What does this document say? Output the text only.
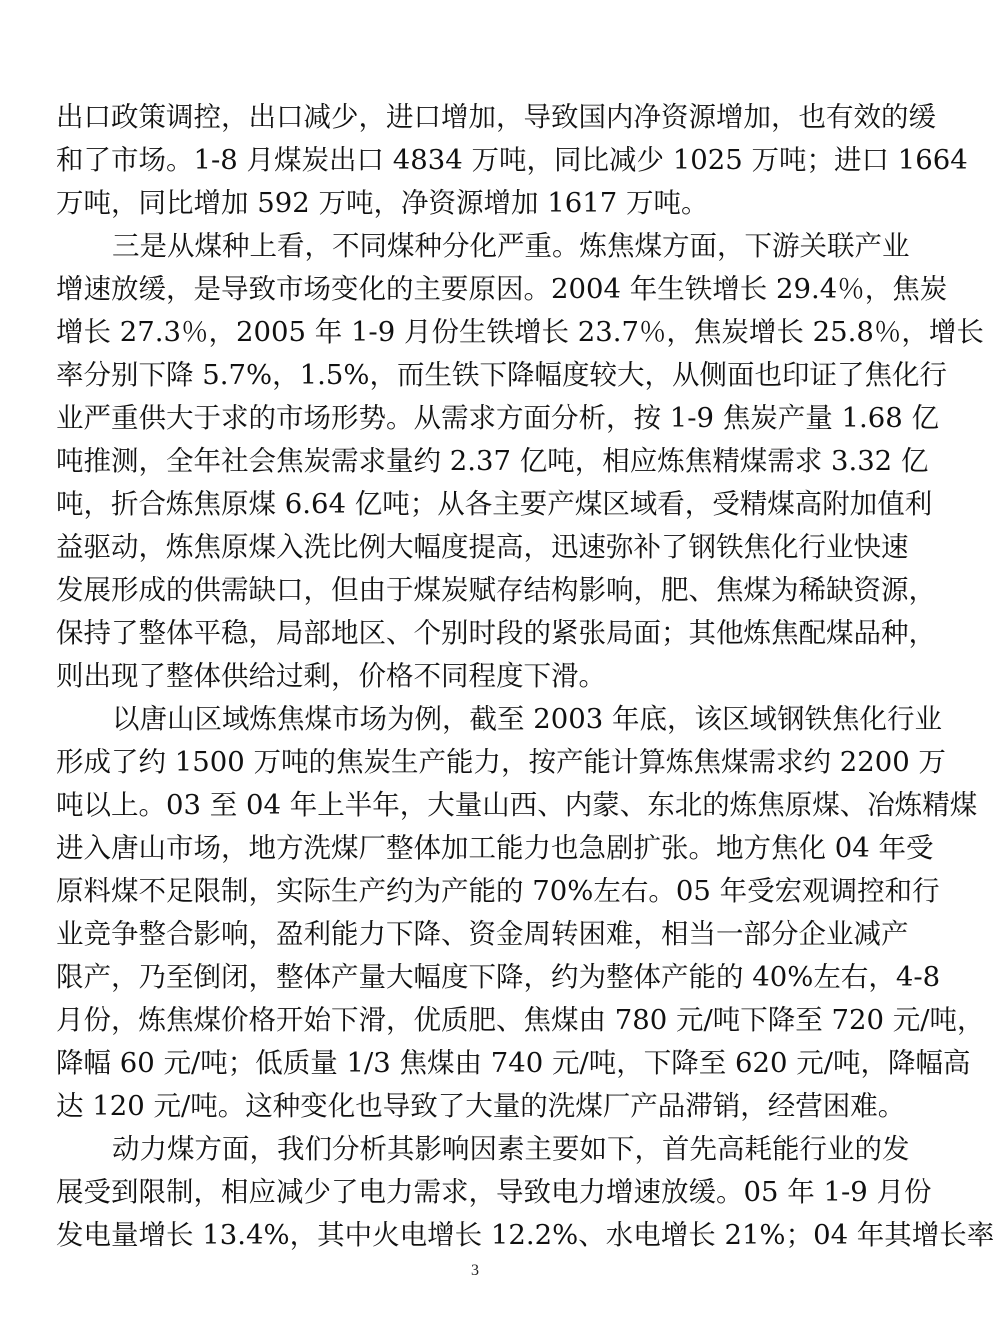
出口政策调控，出口减少，进口增加，导致国内净资源增加，也有效的缓
和了市场。1-8 月煤炭出口 4834 万吨，同比减少 1025 万吨；进口 1664
万吨，同比增加 592 万吨，净资源增加 1617 万吨。
三是从煤种上看，不同煤种分化严重。炼焦煤方面，下游关联产业
增速放缓，是导致市场变化的主要原因。2004 年生铁增长 29.4％，焦炭
增长 27.3％，2005 年 1-9 月份生铁增长 23.7％，焦炭增长 25.8％，增长
率分别下降 5.7%，1.5%，而生铁下降幅度较大，从侧面也印证了焦化行
业严重供大于求的市场形势。从需求方面分析，按 1-9 焦炭产量 1.68 亿
吨推测，全年社会焦炭需求量约 2.37 亿吨，相应炼焦精煤需求 3.32 亿
吨，折合炼焦原煤 6.64 亿吨；从各主要产煤区域看，受精煤高附加值利
益驱动，炼焦原煤入洗比例大幅度提高，迅速弥补了钢铁焦化行业快速
发展形成的供需缺口，但由于煤炭赋存结构影响，肥、焦煤为稀缺资源，
保持了整体平稳，局部地区、个别时段的紧张局面；其他炼焦配煤品种，
则出现了整体供给过剩，价格不同程度下滑。
以唐山区域炼焦煤市场为例，截至 2003 年底，该区域钢铁焦化行业
形成了约 1500 万吨的焦炭生产能力，按产能计算炼焦煤需求约 2200 万
吨以上。03 至 04 年上半年，大量山西、内蒙、东北的炼焦原煤、冶炼精煤
进入唐山市场，地方洗煤厂整体加工能力也急剧扩张。地方焦化 04 年受
原料煤不足限制，实际生产约为产能的 70%左右。05 年受宏观调控和行
业竞争整合影响，盈利能力下降、资金周转困难，相当一部分企业减产
限产，乃至倒闭，整体产量大幅度下降，约为整体产能的 40%左右，4-8
月份，炼焦煤价格开始下滑，优质肥、焦煤由 780 元/吨下降至 720 元/吨，
降幅 60 元/吨；低质量 1/3 焦煤由 740 元/吨，下降至 620 元/吨，降幅高
达 120 元/吨。这种变化也导致了大量的洗煤厂产品滞销，经营困难。
动力煤方面，我们分析其影响因素主要如下，首先高耗能行业的发
展受到限制，相应减少了电力需求，导致电力增速放缓。05 年 1-9 月份
发电量增长 13.4%，其中火电增长 12.2%、水电增长 21%；04 年其增长率
3
